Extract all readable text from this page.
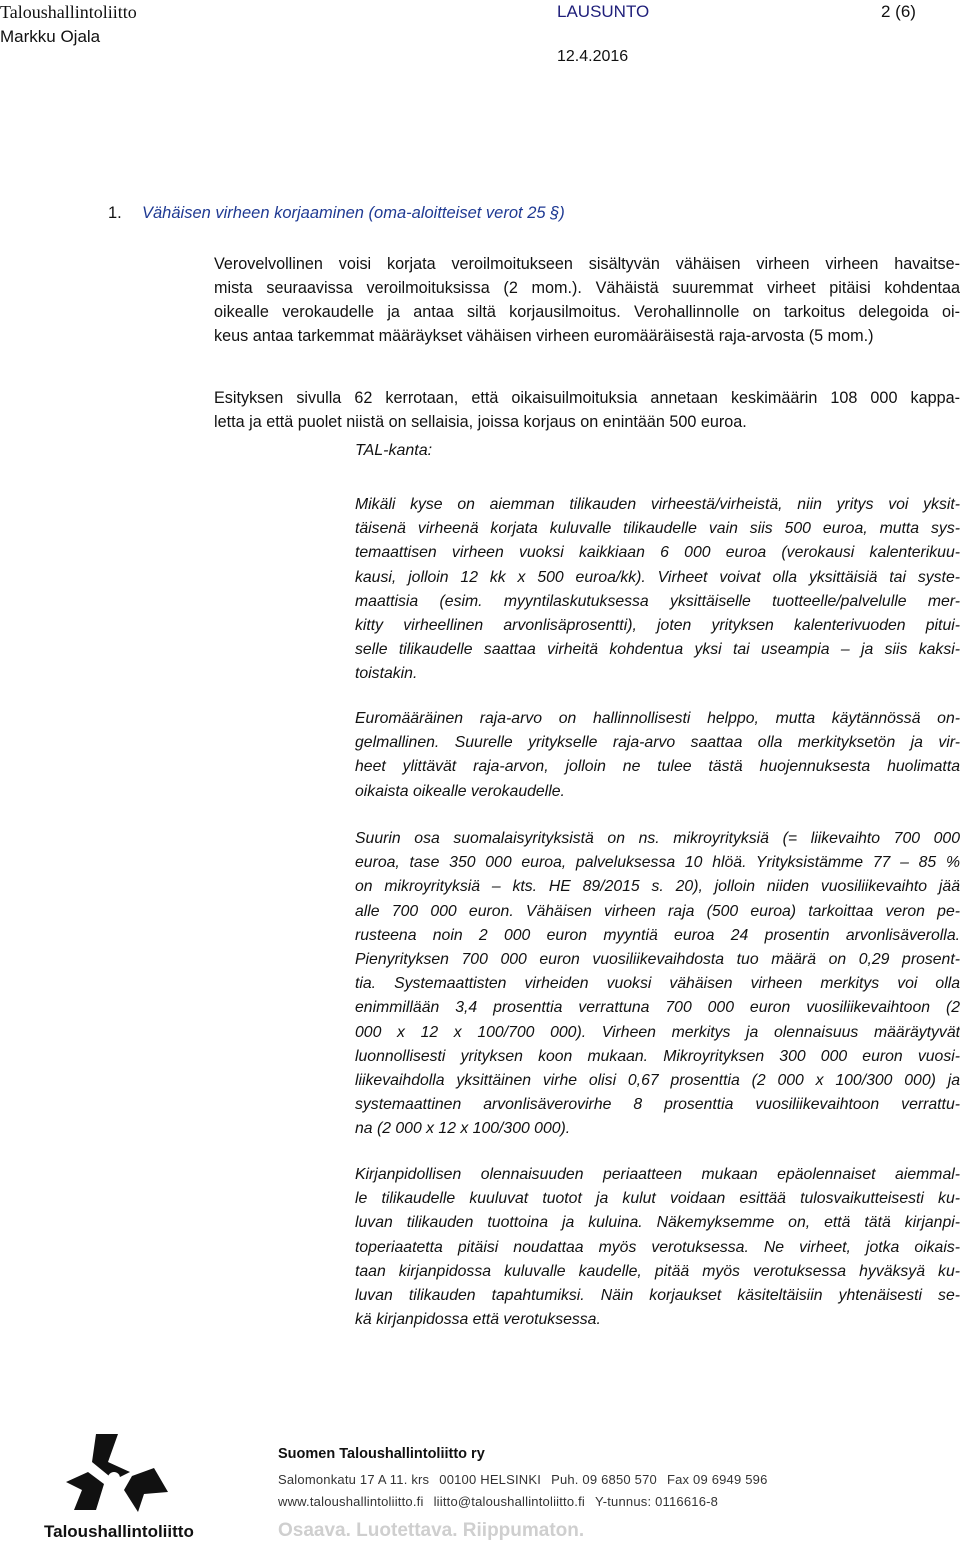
Taloushallintoliitto
Markku Ojala
LAUSUNTO	2 (6)
12.4.2016
1. Vähäisen virheen korjaaminen (oma-aloitteiset verot 25 §)
Verovelvollinen voisi korjata veroilmoitukseen sisältyvän vähäisen virheen virheen havaitse-
mista seuraavissa veroilmoituksissa (2 mom.). Vähäistä suuremmat virheet pitäisi kohdentaa
oikealle verokaudelle ja antaa siltä korjausilmoitus. Verohallinnolle on tarkoitus delegoida oi-
keus antaa tarkemmat määräykset vähäisen virheen euromääräisestä raja-arvosta (5 mom.)
Esityksen sivulla 62 kerrotaan, että oikaisuilmoituksia annetaan keskimäärin 108 000 kappa-
letta ja että puolet niistä on sellaisia, joissa korjaus on enintään 500 euroa.
TAL-kanta:
Mikäli kyse on aiemman tilikauden virheestä/virheistä, niin yritys voi yksit-
täisenä virheenä korjata kuluvalle tilikaudelle vain siis 500 euroa, mutta sys-
temaattisen virheen vuoksi kaikkiaan 6 000 euroa (verokausi kalenterikuu-
kausi, jolloin 12 kk x 500 euroa/kk). Virheet voivat olla yksittäisiä tai syste-
maattisia (esim. myyntilaskutuksessa yksittäiselle tuotteelle/palvelulle mer-
kitty virheellinen arvonlisäprosentti), joten yrityksen kalenterivuoden pitui-
selle tilikaudelle saattaa virheitä kohdentua yksi tai useampia – ja siis kaksi-
toistakin.
Euromääräinen raja-arvo on hallinnollisesti helppo, mutta käytännössä on-
gelmallinen. Suurelle yritykselle raja-arvo saattaa olla merkityksetön ja vir-
heet ylittävät raja-arvon, jolloin ne tulee tästä huojennuksesta huolimatta
oikaista oikealle verokaudelle.
Suurin osa suomalaisyrityksistä on ns. mikroyrityksiä (= liikevaihto 700 000
euroa, tase 350 000 euroa, palveluksessa 10 hlöä. Yrityksistämme 77 – 85 %
on mikroyrityksiä – kts. HE 89/2015 s. 20), jolloin niiden vuosiliikevaihto jää
alle 700 000 euron. Vähäisen virheen raja (500 euroa) tarkoittaa veron pe-
rusteena noin 2 000 euron myyntiä euroa 24 prosentin arvonlisäverolla.
Pienyrityksen 700 000 euron vuosiliikevaihdosta tuo määrä on 0,29 prosent-
tia. Systemaattisten virheiden vuoksi vähäisen virheen merkitys voi olla
enimmillään 3,4 prosenttia verrattuna 700 000 euron vuosiliikevaihtoon (2
000 x 12 x 100/700 000). Virheen merkitys ja olennaisuus määräytyvät
luonnollisesti yrityksen koon mukaan. Mikroyrityksen 300 000 euron vuosi-
liikevaihdolla yksittäinen virhe olisi 0,67 prosenttia (2 000 x 100/300 000) ja
systemaattinen arvonlisäverovirhe 8 prosenttia vuosiliikevaihtoon verrattu-
na (2 000 x 12 x 100/300 000).
Kirjanpidollisen olennaisuuden periaatteen mukaan epäolennaiset aiemmal-
le tilikaudelle kuuluvat tuotot ja kulut voidaan esittää tulosvaikutteisesti ku-
luvan tilikauden tuottoina ja kuluina. Näkemyksemme on, että tätä kirjanpi-
toperiaatetta pitäisi noudattaa myös verotuksessa. Ne virheet, jotka oikais-
taan kirjanpidossa kuluvalle kaudelle, pitää myös verotuksessa hyväksyä ku-
luvan tilikauden tapahtumiksi. Näin korjaukset käsiteltäisiin yhtenäisesti se-
kä kirjanpidossa että verotuksessa.
Taloushallintoliitto
Suomen Taloushallintoliitto ry
Salomonkatu 17 A 11. krs 00100 HELSINKI Puh. 09 6850 570 Fax 09 6949 596
www.taloushallintoliitto.fi liitto@taloushallintoliitto.fi Y-tunnus: 0116616-8
Osaava. Luotettava. Riippumaton.
